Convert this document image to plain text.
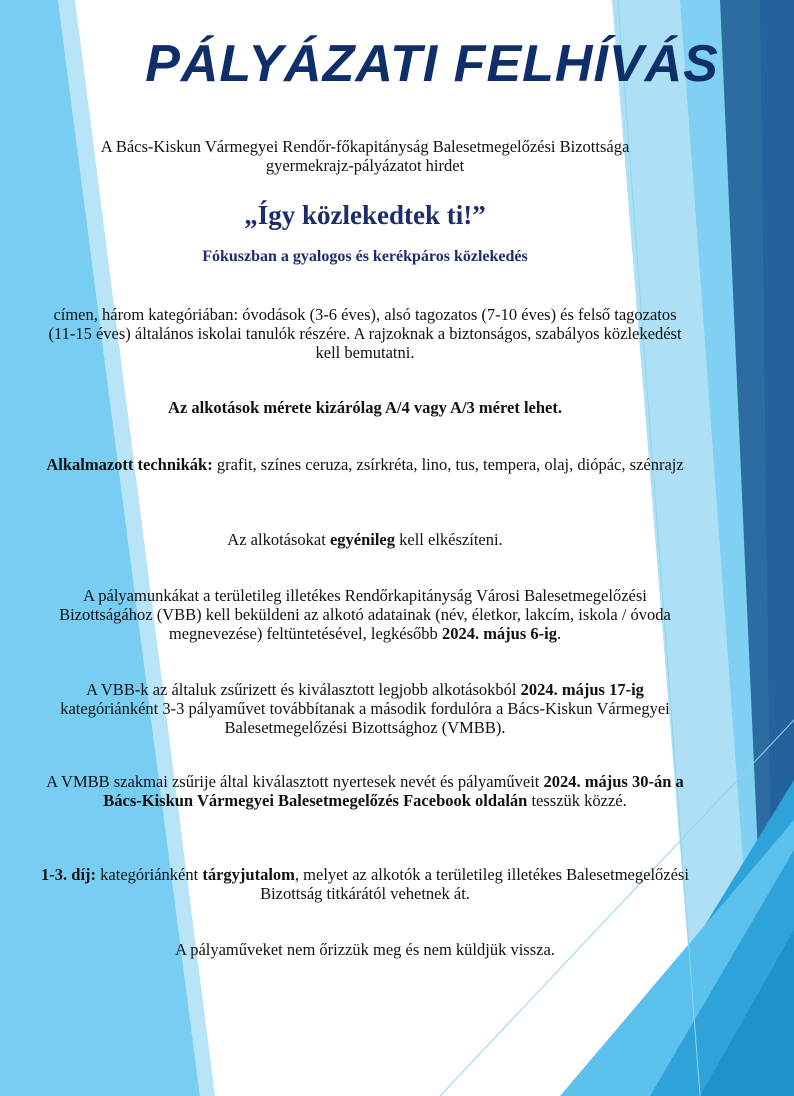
PÁLYÁZATI FELHÍVÁS
A Bács-Kiskun Vármegyei Rendőr-főkapitányság Balesetmegelőzési Bizottsága
gyermekrajz-pályázatot hirdet
„Így közlekedtek ti!”
Fókuszban a gyalogos és kerékpáros közlekedés
címen, három kategóriában: óvodások (3-6 éves), alsó tagozatos (7-10 éves) és felső tagozatos (11-15 éves) általános iskolai tanulók részére. A rajzoknak a biztonságos, szabályos közlekedést kell bemutatni.
Az alkotások mérete kizárólag A/4 vagy A/3 méret lehet.
Alkalmazott technikák: grafit, színes ceruza, zsírkréta, lino, tus, tempera, olaj, diópác, szénrajz
Az alkotásokat egyénileg kell elkészíteni.
A pályamunkákat a területileg illetékes Rendőrkapitányság Városi Balesetmegelőzési Bizottságához (VBB) kell beküldeni az alkotó adatainak (név, életkor, lakcím, iskola / óvoda megnevezése) feltüntetésével, legkésőbb 2024. május 6-ig.
A VBB-k az általuk zsűrizett és kiválasztott legjobb alkotásokból 2024. május 17-ig kategóriánként 3-3 pályaművet továbbítanak a második fordulóra a Bács-Kiskun Vármegyei Balesetmegelőzési Bizottsághoz (VMBB).
A VMBB szakmai zsűrije által kiválasztott nyertesek nevét és pályaműveit 2024. május 30-án a Bács-Kiskun Vármegyei Balesetmegelőzés Facebook oldalán tesszük közzé.
1-3. díj: kategóriánként tárgyjutalom, melyet az alkotók a területileg illetékes Balesetmegelőzési Bizottság titkárától vehetnek át.
A pályaműveket nem őrizzük meg és nem küldjük vissza.
